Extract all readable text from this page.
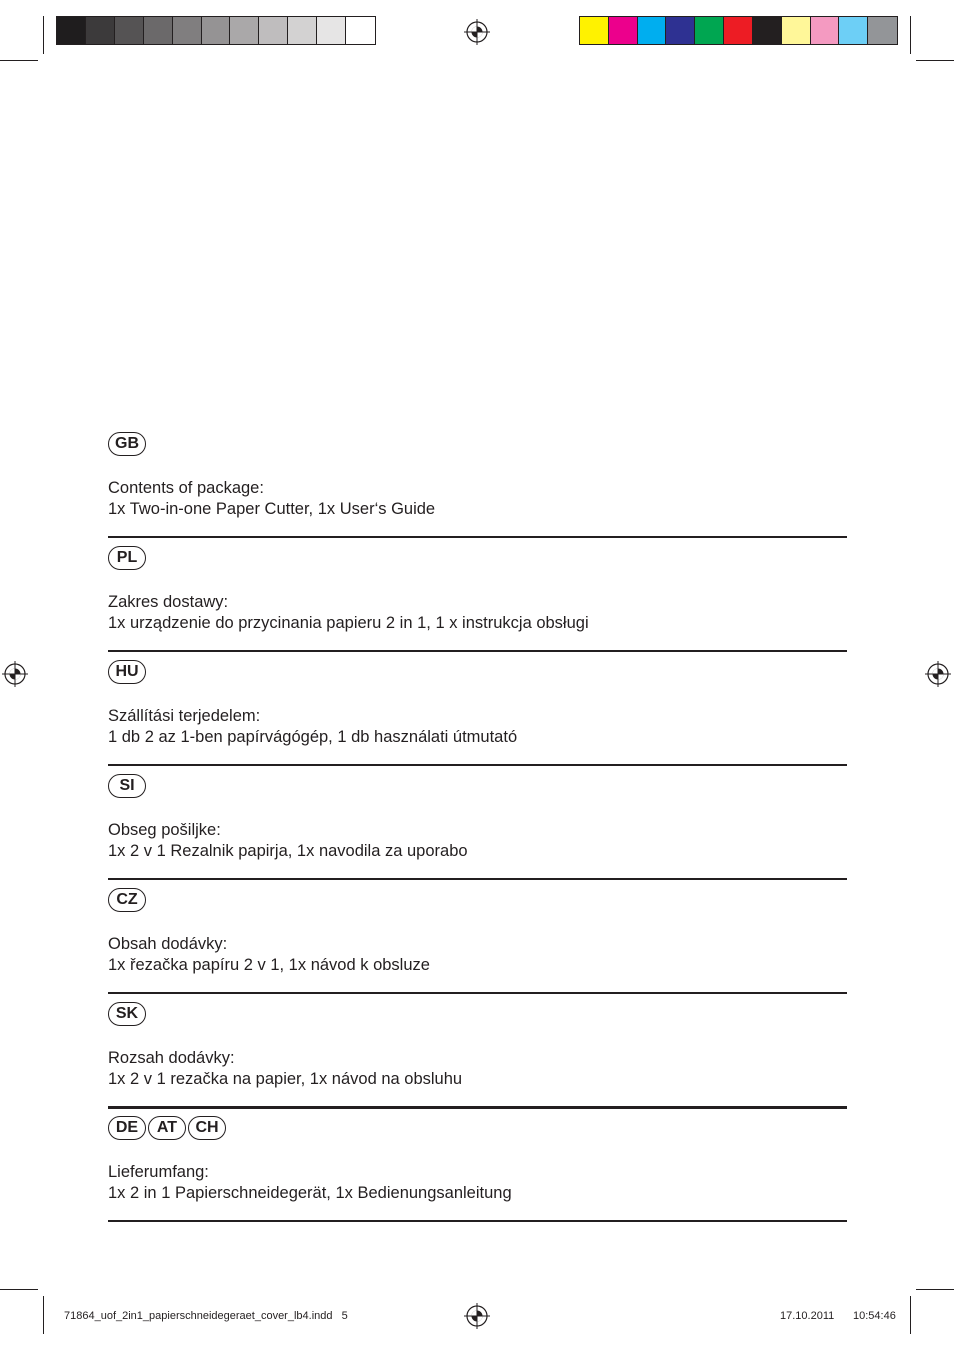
GB
Contents of package:
1x Two-in-one Paper Cutter, 1x User‘s Guide
PL
Zakres dostawy:
1x urządzenie do przycinania papieru 2 in 1, 1 x instrukcja obsługi
HU
Szállítási terjedelem:
1 db 2 az 1-ben papírvágógép, 1 db használati útmutató
SI
Obseg pošiljke:
1x 2 v 1 Rezalnik papirja, 1x navodila za uporabo
CZ
Obsah dodávky:
1x řezačka papíru 2 v 1, 1x návod k obsluze
SK
Rozsah dodávky:
1x 2 v 1 rezačka na papier, 1x návod na obsluhu
DE	AT	CH
Lieferumfang:
1x 2 in 1 Papierschneidegerät, 1x Bedienungsanleitung
71864_uof_2in1_papierschneidegeraet_cover_lb4.indd   5	17.10.2011 10:54:46
